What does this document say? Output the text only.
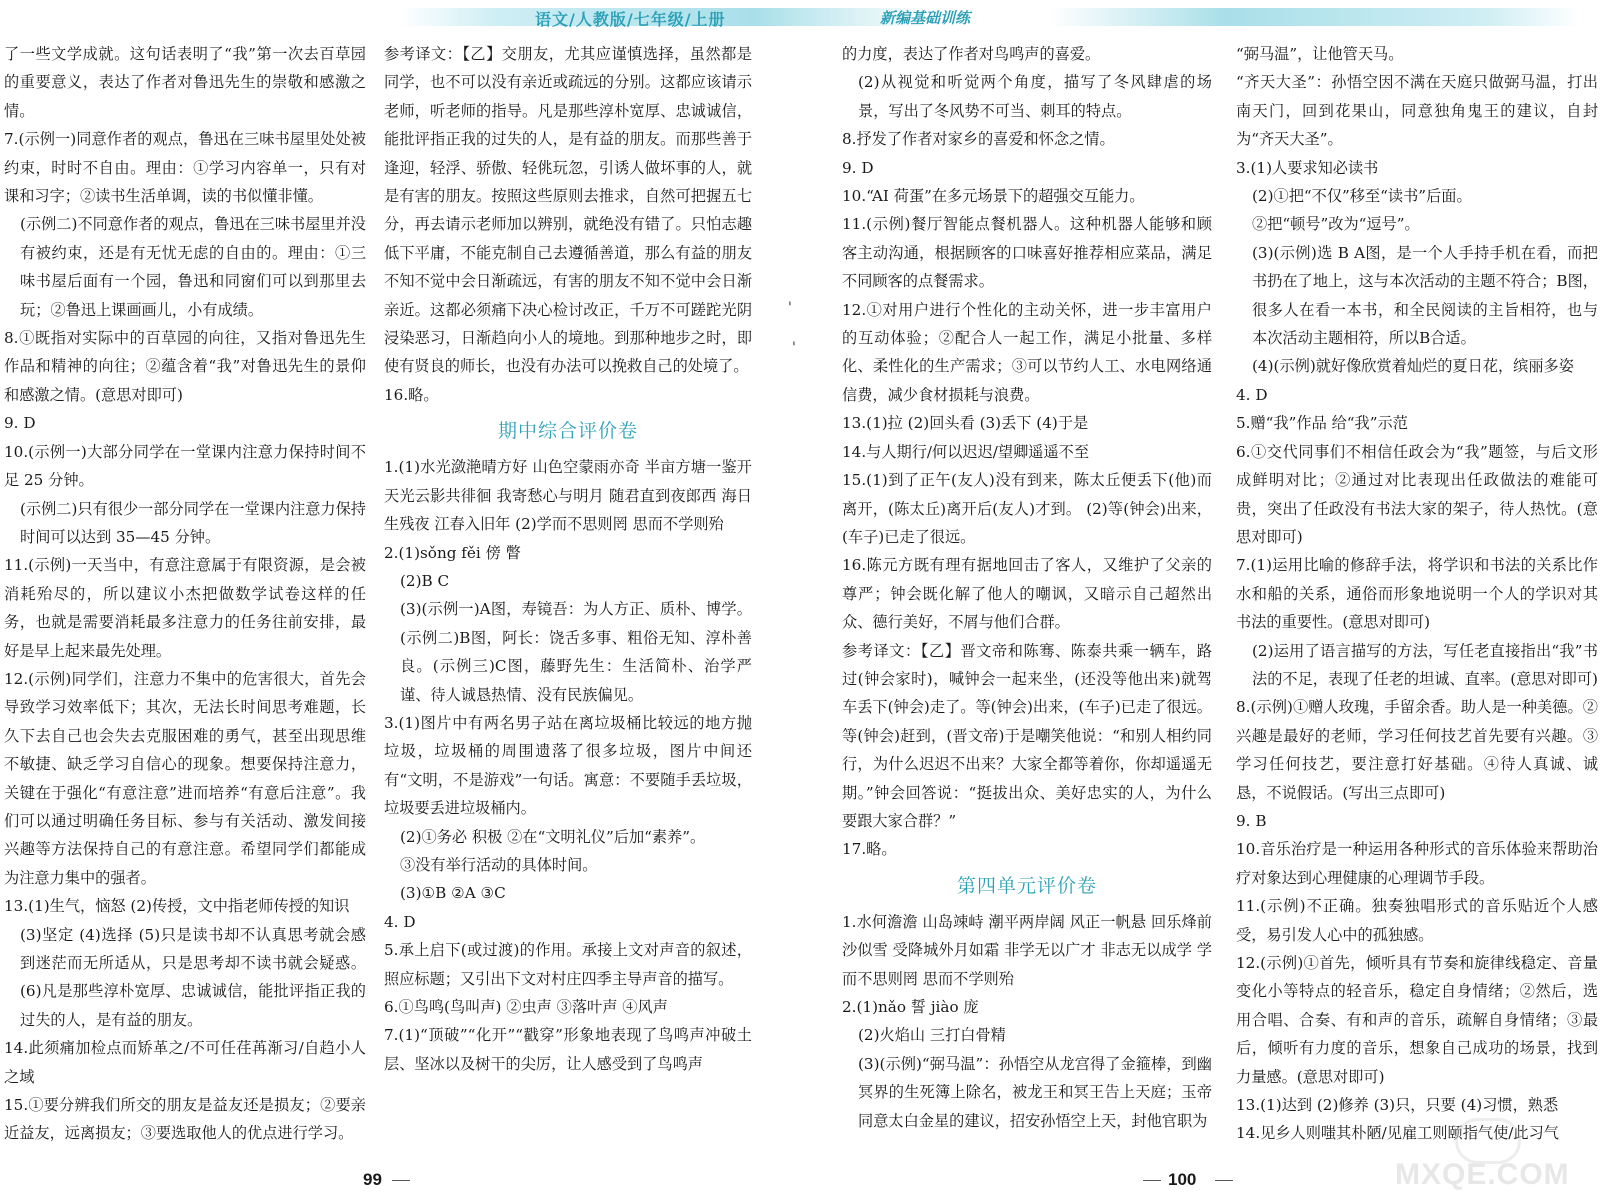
语文/人教版/七年级/上册	新编基础训练

了一些文学成就。这句话表明了“我”第一次去百草园的重要意义，表达了作者对鲁迅先生的崇敬和感激之情。

7.(示例一)同意作者的观点，鲁迅在三味书屋里处处被约束，时时不自由。理由：①学习内容单一，只有对课和习字；②读书生活单调，读的书似懂非懂。

(示例二)不同意作者的观点，鲁迅在三味书屋里并没有被约束，还是有无忧无虑的自由的。理由：①三味书屋后面有一个园，鲁迅和同窗们可以到那里去玩；②鲁迅上课画画儿，小有成绩。

8.①既指对实际中的百草园的向往，又指对鲁迅先生作品和精神的向往；②蕴含着“我”对鲁迅先生的景仰和感激之情。(意思对即可)

9. D

10.(示例一)大部分同学在一堂课内注意力保持时间不足 25 分钟。

(示例二)只有很少一部分同学在一堂课内注意力保持时间可以达到 35—45 分钟。

11.(示例)一天当中，有意注意属于有限资源，是会被消耗殆尽的，所以建议小杰把做数学试卷这样的任务，也就是需要消耗最多注意力的任务往前安排，最好是早上起来最先处理。

12.(示例)同学们，注意力不集中的危害很大，首先会导致学习效率低下；其次，无法长时间思考难题，长久下去自己也会失去克服困难的勇气，甚至出现思维不敏捷、缺乏学习自信心的现象。想要保持注意力，关键在于强化“有意注意”进而培养“有意后注意”。我们可以通过明确任务目标、参与有关活动、激发间接兴趣等方法保持自己的有意注意。希望同学们都能成为注意力集中的强者。

13.(1)生气，恼怒 (2)传授，文中指老师传授的知识

(3)坚定 (4)选择 (5)只是读书却不认真思考就会感到迷茫而无所适从，只是思考却不读书就会疑惑。 (6)凡是那些淳朴宽厚、忠诚诚信，能批评指正我的过失的人，是有益的朋友。

14.此须痛加检点而矫革之/不可任荏苒渐习/自趋小人之域

15.①要分辨我们所交的朋友是益友还是损友；②要亲近益友，远离损友；③要选取他人的优点进行学习。

参考译文：【乙】交朋友，尤其应谨慎选择，虽然都是同学，也不可以没有亲近或疏远的分别。这都应该请示老师，听老师的指导。凡是那些淳朴宽厚、忠诚诚信，能批评指正我的过失的人，是有益的朋友。而那些善于逢迎，轻浮、骄傲、轻佻玩忽，引诱人做坏事的人，就是有害的朋友。按照这些原则去推求，自然可把握五七分，再去请示老师加以辨别，就绝没有错了。只怕志趣低下平庸，不能克制自己去遵循善道，那么有益的朋友不知不觉中会日渐疏远，有害的朋友不知不觉中会日渐亲近。这都必须痛下决心检讨改正，千万不可蹉跎光阴浸染恶习，日渐趋向小人的境地。到那种地步之时，即使有贤良的师长，也没有办法可以挽救自己的处境了。

16.略。

期中综合评价卷

1.(1)水光潋滟晴方好 山色空蒙雨亦奇 半亩方塘一鉴开 天光云影共徘徊 我寄愁心与明月 随君直到夜郎西 海日生残夜 江春入旧年 (2)学而不思则罔 思而不学则殆

2.(1)sǒng fěi 傍 瞥

(2)B C

(3)(示例一)A图，寿镜吾：为人方正、质朴、博学。(示例二)B图，阿长：饶舌多事、粗俗无知、淳朴善良。(示例三)C图，藤野先生：生活简朴、治学严谨、待人诚恳热情、没有民族偏见。

3.(1)图片中有两名男子站在离垃圾桶比较远的地方抛垃圾，垃圾桶的周围遗落了很多垃圾，图片中间还有“文明，不是游戏”一句话。寓意：不要随手丢垃圾，垃圾要丢进垃圾桶内。

(2)①务必 积极 ②在“文明礼仪”后加“素养”。

③没有举行活动的具体时间。

(3)①B ②A ③C

4. D

5.承上启下(或过渡)的作用。承接上文对声音的叙述，照应标题；又引出下文对村庄四季主导声音的描写。

6.①鸟鸣(鸟叫声) ②虫声 ③落叶声 ④风声

7.(1)“顶破”“化开”“戳穿”形象地表现了鸟鸣声冲破土层、坚冰以及树干的尖厉，让人感受到了鸟鸣声

的力度，表达了作者对鸟鸣声的喜爱。

(2)从视觉和听觉两个角度，描写了冬风肆虐的场景，写出了冬风势不可当、刺耳的特点。

8.抒发了作者对家乡的喜爱和怀念之情。

9. D

10.“AI 荷蛋”在多元场景下的超强交互能力。

11.(示例)餐厅智能点餐机器人。这种机器人能够和顾客主动沟通，根据顾客的口味喜好推荐相应菜品，满足不同顾客的点餐需求。

12.①对用户进行个性化的主动关怀，进一步丰富用户的互动体验；②配合人一起工作，满足小批量、多样化、柔性化的生产需求；③可以节约人工、水电网络通信费，减少食材损耗与浪费。

13.(1)拉 (2)回头看 (3)丢下 (4)于是

14.与人期行/何以迟迟/望卿遥遥不至

15.(1)到了正午(友人)没有到来，陈太丘便丢下(他)而离开，(陈太丘)离开后(友人)才到。 (2)等(钟会)出来，(车子)已走了很远。

16.陈元方既有理有据地回击了客人，又维护了父亲的尊严；钟会既化解了他人的嘲讽，又暗示自己超然出众、德行美好，不屑与他们合群。

参考译文：【乙】晋文帝和陈骞、陈泰共乘一辆车，路过(钟会家时)，喊钟会一起来坐，(还没等他出来)就驾车丢下(钟会)走了。等(钟会)出来，(车子)已走了很远。等(钟会)赶到，(晋文帝)于是嘲笑他说：“和别人相约同行，为什么迟迟不出来？大家全都等着你，你却遥遥无期。”钟会回答说：“挺拔出众、美好忠实的人，为什么要跟大家合群？”

17.略。

第四单元评价卷

1.水何澹澹 山岛竦峙 潮平两岸阔 风正一帆悬 回乐烽前沙似雪 受降城外月如霜 非学无以广才 非志无以成学 学而不思则罔 思而不学则殆

2.(1)nǎo 誓 jiào 庞

(2)火焰山 三打白骨精

(3)(示例)“弼马温”：孙悟空从龙宫得了金箍棒，到幽冥界的生死簿上除名，被龙王和冥王告上天庭；玉帝同意太白金星的建议，招安孙悟空上天，封他官职为

“弼马温”，让他管天马。

“齐天大圣”：孙悟空因不满在天庭只做弼马温，打出南天门，回到花果山，同意独角鬼王的建议，自封为“齐天大圣”。

3.(1)人要求知必读书

(2)①把“不仅”移至“读书”后面。

②把“顿号”改为“逗号”。

(3)(示例)选 B A图，是一个人手持手机在看，而把书扔在了地上，这与本次活动的主题不符合；B图，很多人在看一本书，和全民阅读的主旨相符，也与本次活动主题相符，所以B合适。

(4)(示例)就好像欣赏着灿烂的夏日花，缤丽多姿

4. D

5.赠“我”作品 给“我”示范

6.①交代同事们不相信任政会为“我”题签，与后文形成鲜明对比；②通过对比表现出任政做法的难能可贵，突出了任政没有书法大家的架子，待人热忱。(意思对即可)

7.(1)运用比喻的修辞手法，将学识和书法的关系比作水和船的关系，通俗而形象地说明一个人的学识对其书法的重要性。(意思对即可)

(2)运用了语言描写的方法，写任老直接指出“我”书法的不足，表现了任老的坦诚、直率。(意思对即可)

8.(示例)①赠人玫瑰，手留余香。助人是一种美德。②兴趣是最好的老师，学习任何技艺首先要有兴趣。③学习任何技艺，要注意打好基础。④待人真诚、诚恳，不说假话。(写出三点即可)

9. B

10.音乐治疗是一种运用各种形式的音乐体验来帮助治疗对象达到心理健康的心理调节手段。

11.(示例)不正确。独奏独唱形式的音乐贴近个人感受，易引发人心中的孤独感。

12.(示例)①首先，倾听具有节奏和旋律线稳定、音量变化小等特点的轻音乐，稳定自身情绪；②然后，选用合唱、合奏、有和声的音乐，疏解自身情绪；③最后，倾听有力度的音乐，想象自己成功的场景，找到力量感。(意思对即可)

13.(1)达到 (2)修养 (3)只，只要 (4)习惯，熟悉

14.见乡人则嗤其朴陋/见雇工则颐指气使/此习气

'
'
99	100	MXQE.COM
